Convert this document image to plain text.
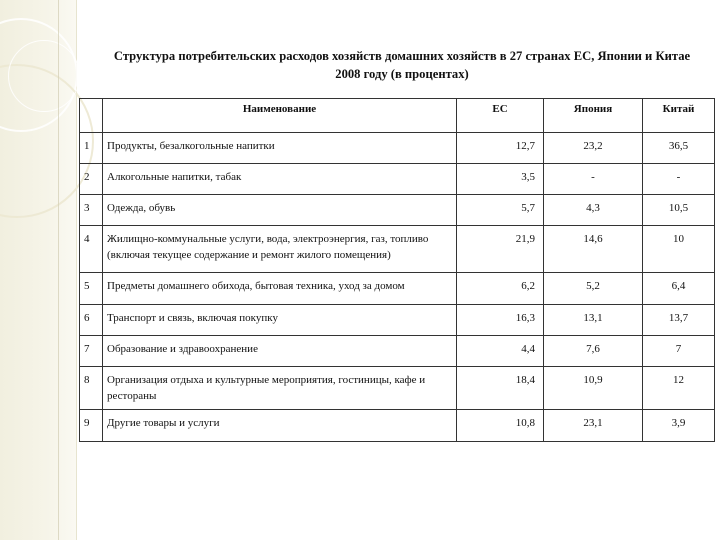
Структура потребительских расходов хозяйств домашних хозяйств в 27 странах ЕС, Японии и Китае
2008 году (в процентах)
	Наименование	ЕС	Япония	Китай
1	Продукты, безалкогольные напитки	12,7	23,2	36,5
2	Алкогольные напитки, табак	3,5	-	-
3	Одежда, обувь	5,7	4,3	10,5
4	Жилищно-коммунальные услуги, вода, электроэнергия, газ, топливо (включая текущее содержание и ремонт жилого помещения)	21,9	14,6	10
5	Предметы домашнего обихода, бытовая техника, уход за домом	6,2	5,2	6,4
6	Транспорт и связь, включая покупку	16,3	13,1	13,7
7	Образование и здравоохранение	4,4	7,6	7
8	Организация отдыха и культурные мероприятия, гостиницы, кафе и рестораны	18,4	10,9	12
9	Другие товары и услуги	10,8	23,1	3,9
